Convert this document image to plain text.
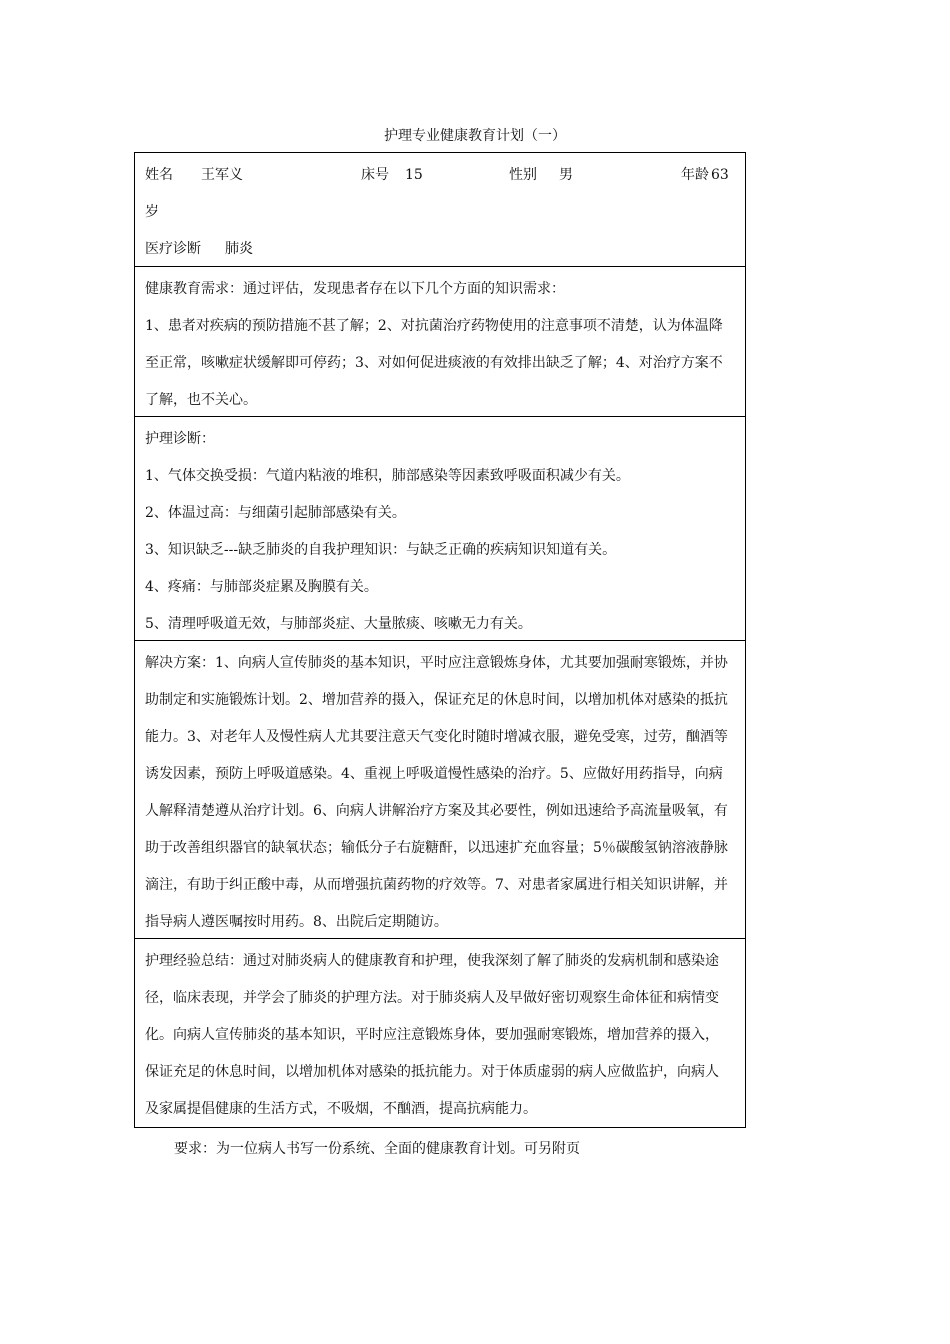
护理专业健康教育计划（一）
姓名 王军义	床号 15	性别 男	年龄 63
岁
医疗诊断 肺炎
健康教育需求：通过评估，发现患者存在以下几个方面的知识需求：
1、患者对疾病的预防措施不甚了解；2、对抗菌治疗药物使用的注意事项不清楚，认为体温降
至正常，咳嗽症状缓解即可停药；3、对如何促进痰液的有效排出缺乏了解；4、对治疗方案不
了解，也不关心。
护理诊断：
1、气体交换受损：气道内粘液的堆积，肺部感染等因素致呼吸面积减少有关。
2、体温过高：与细菌引起肺部感染有关。
3、知识缺乏---缺乏肺炎的自我护理知识：与缺乏正确的疾病知识知道有关。
4、疼痛：与肺部炎症累及胸膜有关。
5、清理呼吸道无效，与肺部炎症、大量脓痰、咳嗽无力有关。
解决方案：1、向病人宣传肺炎的基本知识，平时应注意锻炼身体，尤其要加强耐寒锻炼，并协
助制定和实施锻炼计划。2、增加营养的摄入，保证充足的休息时间，以增加机体对感染的抵抗
能力。3、对老年人及慢性病人尤其要注意天气变化时随时增减衣服，避免受寒，过劳，酗酒等
诱发因素，预防上呼吸道感染。4、重视上呼吸道慢性感染的治疗。5、应做好用药指导，向病
人解释清楚遵从治疗计划。6、向病人讲解治疗方案及其必要性，例如迅速给予高流量吸氧，有
助于改善组织器官的缺氧状态；输低分子右旋糖酐，以迅速扩充血容量；5％碳酸氢钠溶液静脉
滴注，有助于纠正酸中毒，从而增强抗菌药物的疗效等。7、对患者家属进行相关知识讲解，并
指导病人遵医嘱按时用药。8、出院后定期随访。
护理经验总结：通过对肺炎病人的健康教育和护理，使我深刻了解了肺炎的发病机制和感染途
径，临床表现，并学会了肺炎的护理方法。对于肺炎病人及早做好密切观察生命体征和病情变
化。向病人宣传肺炎的基本知识，平时应注意锻炼身体，要加强耐寒锻炼，增加营养的摄入，
保证充足的休息时间，以增加机体对感染的抵抗能力。对于体质虚弱的病人应做监护，向病人
及家属提倡健康的生活方式，不吸烟，不酗酒，提高抗病能力。
要求：为一位病人书写一份系统、全面的健康教育计划。可另附页
